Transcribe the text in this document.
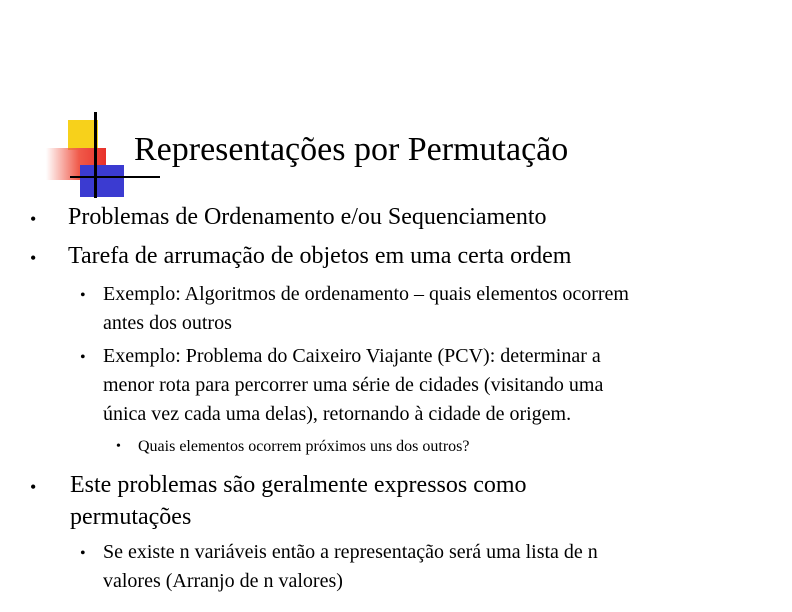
Representações por Permutação
• Problemas de Ordenamento e/ou Sequenciamento
• Tarefa de arrumação de objetos em uma certa ordem
• Exemplo: Algoritmos de ordenamento – quais elementos ocorrem
antes dos outros
• Exemplo: Problema do Caixeiro Viajante (PCV): determinar a
menor rota para percorrer uma série de cidades (visitando uma
única vez cada uma delas), retornando à cidade de origem.
• Quais elementos ocorrem próximos uns dos outros?
• Este problemas são geralmente expressos como
permutações
• Se existe n variáveis então a representação será uma lista de n
valores (Arranjo de n valores)
